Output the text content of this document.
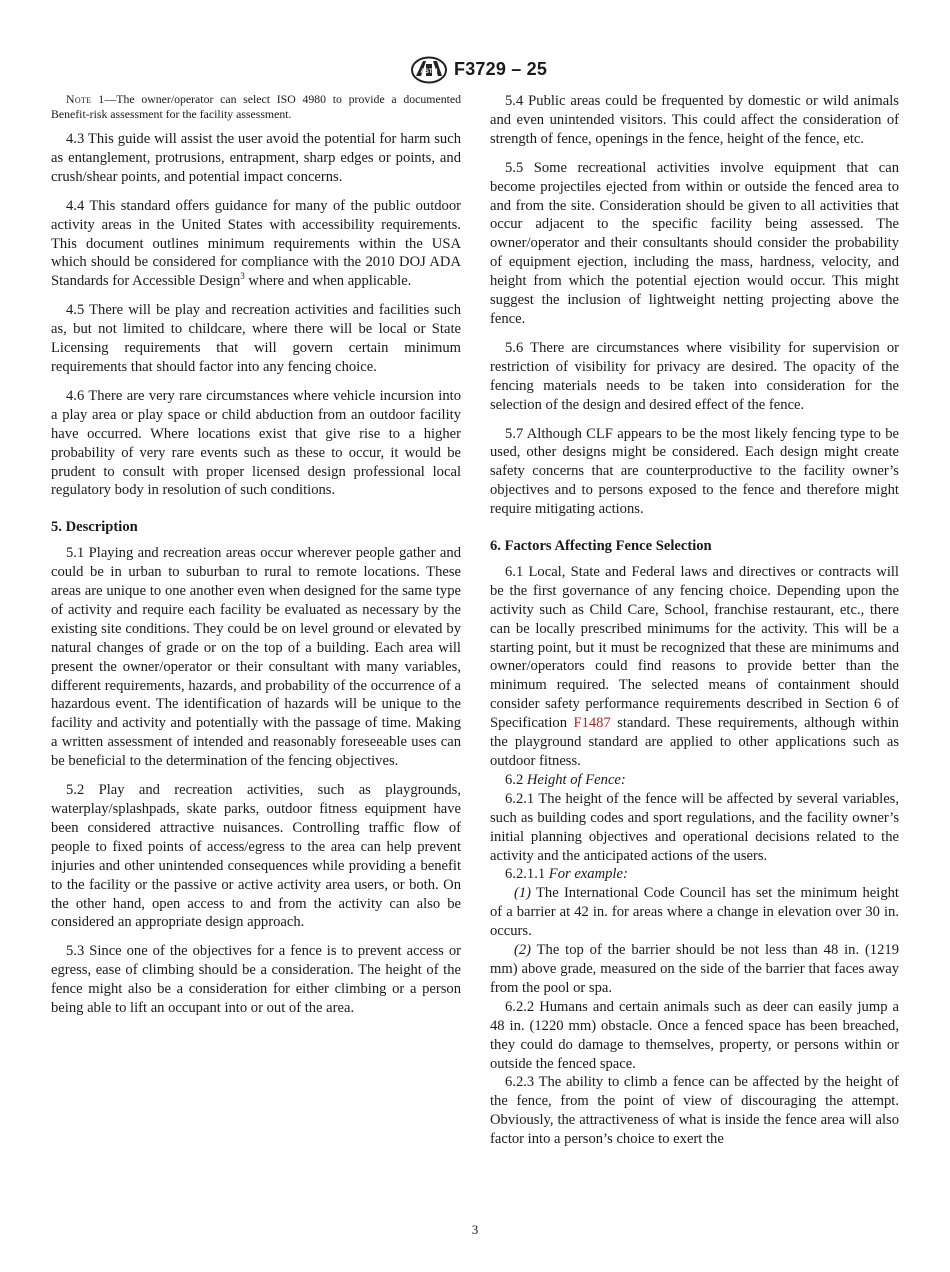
ASTM F3729 – 25

Note 1—The owner/operator can select ISO 4980 to provide a documented Benefit-risk assessment for the facility assessment.

4.3 This guide will assist the user avoid the potential for harm such as entanglement, protrusions, entrapment, sharp edges or points, and crush/shear points, and potential impact concerns.

4.4 This standard offers guidance for many of the public outdoor activity areas in the United States with accessibility requirements. This document outlines minimum requirements within the USA which should be considered for compliance with the 2010 DOJ ADA Standards for Accessible Design$^3$ where and when applicable.

4.5 There will be play and recreation activities and facilities such as, but not limited to childcare, where there will be local or State Licensing requirements that will govern certain minimum requirements that should factor into any fencing choice.

4.6 There are very rare circumstances where vehicle incursion into a play area or play space or child abduction from an outdoor facility have occurred. Where locations exist that give rise to a higher probability of very rare events such as these to occur, it would be prudent to consult with proper licensed design professional local regulatory body in resolution of such conditions.

5. Description

5.1 Playing and recreation areas occur wherever people gather and could be in urban to suburban to rural to remote locations. These areas are unique to one another even when designed for the same type of activity and require each facility be evaluated as necessary by the existing site conditions. They could be on level ground or elevated by natural changes of grade or on the top of a building. Each area will present the owner/operator or their consultant with many variables, different requirements, hazards, and probability of the occurrence of a hazardous event. The identification of hazards will be unique to the facility and activity and potentially with the passage of time. Making a written assessment of intended and reasonably foreseeable uses can be beneficial to the determination of the fencing objectives.

5.2 Play and recreation activities, such as playgrounds, waterplay/splashpads, skate parks, outdoor fitness equipment have been considered attractive nuisances. Controlling traffic flow of people to fixed points of access/egress to the area can help prevent injuries and other unintended consequences while providing a benefit to the facility or the passive or active activity area users, or both. On the other hand, open access to and from the activity can also be considered an appropriate design approach.

5.3 Since one of the objectives for a fence is to prevent access or egress, ease of climbing should be a consideration. The height of the fence might also be a consideration for either climbing or a person being able to lift an occupant into or out of the area.

5.4 Public areas could be frequented by domestic or wild animals and even unintended visitors. This could affect the consideration of strength of fence, openings in the fence, height of the fence, etc.

5.5 Some recreational activities involve equipment that can become projectiles ejected from within or outside the fenced area to and from the site. Consideration should be given to all activities that occur adjacent to the specific facility being assessed. The owner/operator and their consultants should consider the probability of equipment ejection, including the mass, hardness, velocity, and height from which the potential ejection would occur. This might suggest the inclusion of lightweight netting projecting above the fence.

5.6 There are circumstances where visibility for supervision or restriction of visibility for privacy are desired. The opacity of the fencing materials needs to be taken into consideration for the selection of the design and desired effect of the fence.

5.7 Although CLF appears to be the most likely fencing type to be used, other designs might be considered. Each design might create safety concerns that are counterproductive to the facility owner’s objectives and to persons exposed to the fence and therefore might require mitigating actions.

6. Factors Affecting Fence Selection

6.1 Local, State and Federal laws and directives or contracts will be the first governance of any fencing choice. Depending upon the activity such as Child Care, School, franchise restaurant, etc., there can be locally prescribed minimums for the activity. This will be a starting point, but it must be recognized that these are minimums and owner/operators could find reasons to provide better than the minimum required. The selected means of containment should consider safety performance requirements described in Section 6 of Specification F1487 standard. These requirements, although within the playground standard are applied to other applications such as outdoor fitness.

6.2 Height of Fence:

6.2.1 The height of the fence will be affected by several variables, such as building codes and sport regulations, and the facility owner’s initial planning objectives and operational decisions related to the activity and the anticipated actions of the users.

6.2.1.1 For example:

(1) The International Code Council has set the minimum height of a barrier at 42 in. for areas where a change in elevation over 30 in. occurs.

(2) The top of the barrier should be not less than 48 in. (1219 mm) above grade, measured on the side of the barrier that faces away from the pool or spa.

6.2.2 Humans and certain animals such as deer can easily jump a 48 in. (1220 mm) obstacle. Once a fenced space has been breached, they could do damage to themselves, property, or persons within or outside the fenced space.

6.2.3 The ability to climb a fence can be affected by the height of the fence, from the point of view of discouraging the attempt. Obviously, the attractiveness of what is inside the fence area will also factor into a person’s choice to exert the

3
